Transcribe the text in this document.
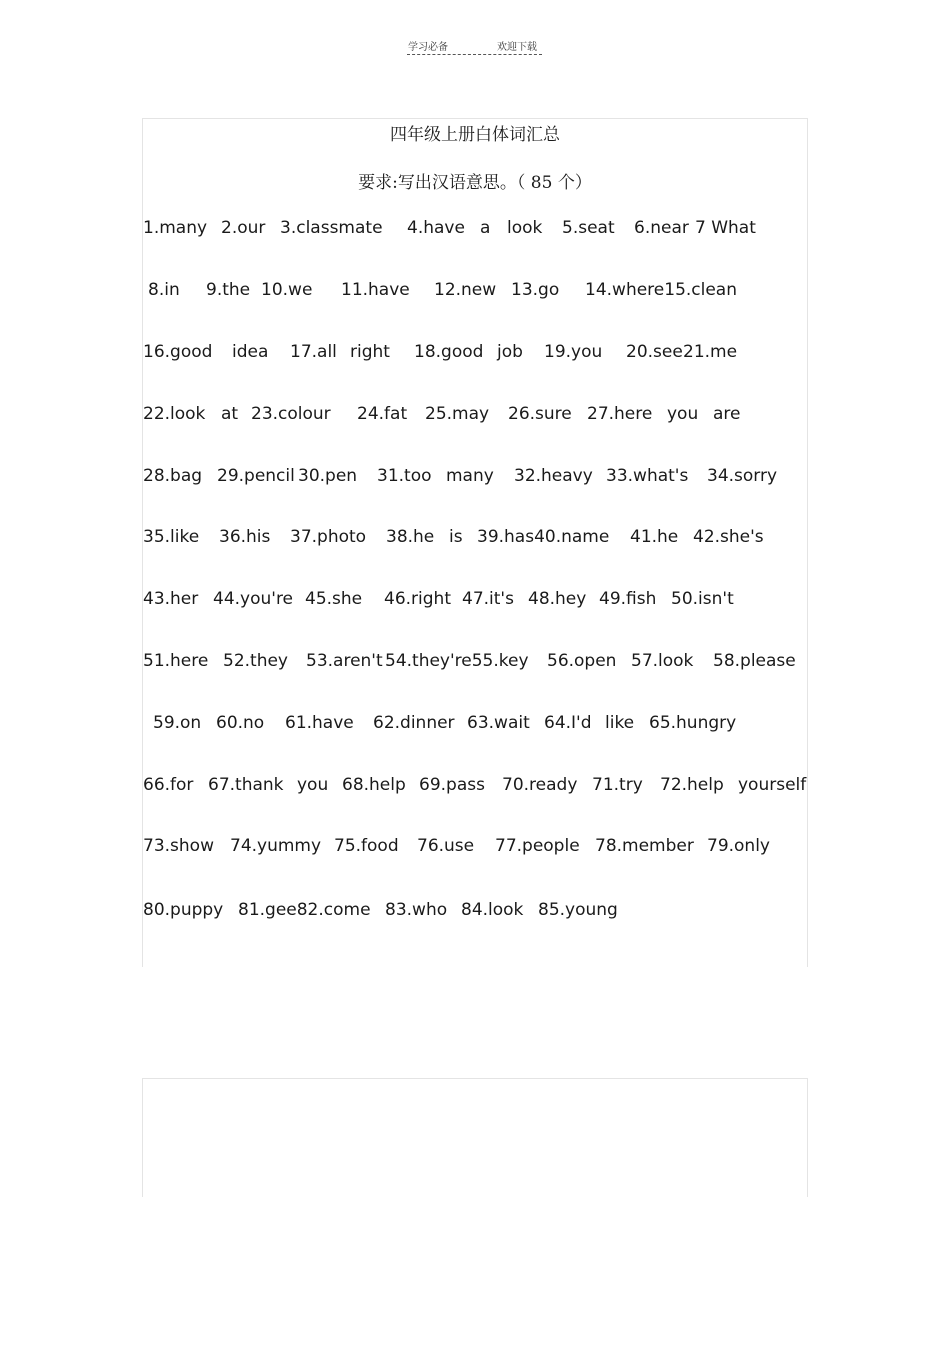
学习必备	欢迎下载
四年级上册白体词汇总

要求:写出汉语意思。（ 85 个）

1.many 2.our 3.classmate 4.have a look 5.seat 6.near 7 What
8.in 9.the 10.we 11.have 12.new 13.go 14.where15.clean
16.good idea 17.all right 18.good job 19.you 20.see 21.me
22.look at 23.colour 24.fat 25.may 26.sure 27.here you are
28.bag 29.pencil 30.pen 31.too many 32.heavy 33.what's 34.sorry
35.like 36.his 37.photo 38.he is 39.has40.name 41.he 42.she's
43.her 44.you're 45.she 46.right 47.it's 48.hey 49.fish 50.isn't
51.here 52.they 53.aren't 54.they're55.key 56.open 57.look 58.please
59.on 60.no 61.have 62.dinner 63.wait 64.I'd like 65.hungry
66.for 67.thank you 68.help 69.pass 70.ready 71.try 72.help yourself
73.show 74.yummy 75.food 76.use 77.people 78.member 79.only
80.puppy 81.gee82.come 83.who 84.look 85.young
